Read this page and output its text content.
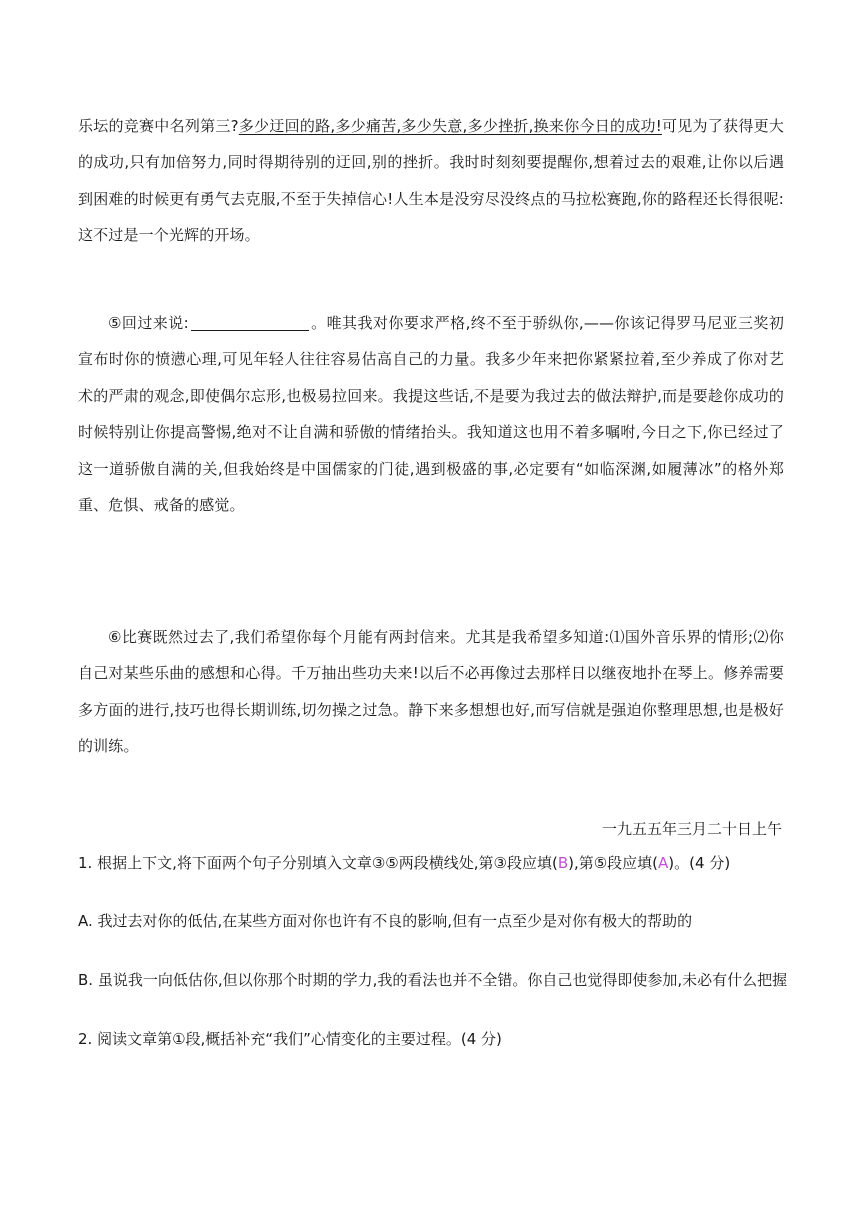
乐坛的竞赛中名列第三?多少迂回的路,多少痛苦,多少失意,多少挫折,换来你今日的成功!可见为了获得更大的成功,只有加倍努力,同时得期待别的迂回,别的挫折。我时时刻刻要提醒你,想着过去的艰难,让你以后遇到困难的时候更有勇气去克服,不至于失掉信心!人生本是没穷尽没终点的马拉松赛跑,你的路程还长得很呢:这不过是一个光辉的开场。
⑤回过来说:	。唯其我对你要求严格,终不至于骄纵你,——你该记得罗马尼亚三奖初宣布时你的愤懑心理,可见年轻人往往容易估高自己的力量。我多少年来把你紧紧拉着,至少养成了你对艺术的严肃的观念,即使偶尔忘形,也极易拉回来。我提这些话,不是要为我过去的做法辩护,而是要趁你成功的时候特别让你提高警惕,绝对不让自满和骄傲的情绪抬头。我知道这也用不着多嘱咐,今日之下,你已经过了这一道骄傲自满的关,但我始终是中国儒家的门徒,遇到极盛的事,必定要有“如临深渊,如履薄冰”的格外郑重、危惧、戒备的感觉。
⑥比赛既然过去了,我们希望你每个月能有两封信来。尤其是我希望多知道:⑴国外音乐界的情形;⑵你自己对某些乐曲的感想和心得。千万抽出些功夫来!以后不必再像过去那样日以继夜地扑在琴上。修养需要多方面的进行,技巧也得长期训练,切勿操之过急。静下来多想想也好,而写信就是强迫你整理思想,也是极好的训练。
一九五五年三月二十日上午
1. 根据上下文,将下面两个句子分别填入文章③⑤两段横线处,第③段应填(B),第⑤段应填(A)。(4 分)
A. 我过去对你的低估,在某些方面对你也许有不良的影响,但有一点至少是对你有极大的帮助的
B. 虽说我一向低估你,但以你那个时期的学力,我的看法也并不全错。你自己也觉得即使参加,未必有什么把握
2. 阅读文章第①段,概括补充“我们”心情变化的主要过程。(4 分)
